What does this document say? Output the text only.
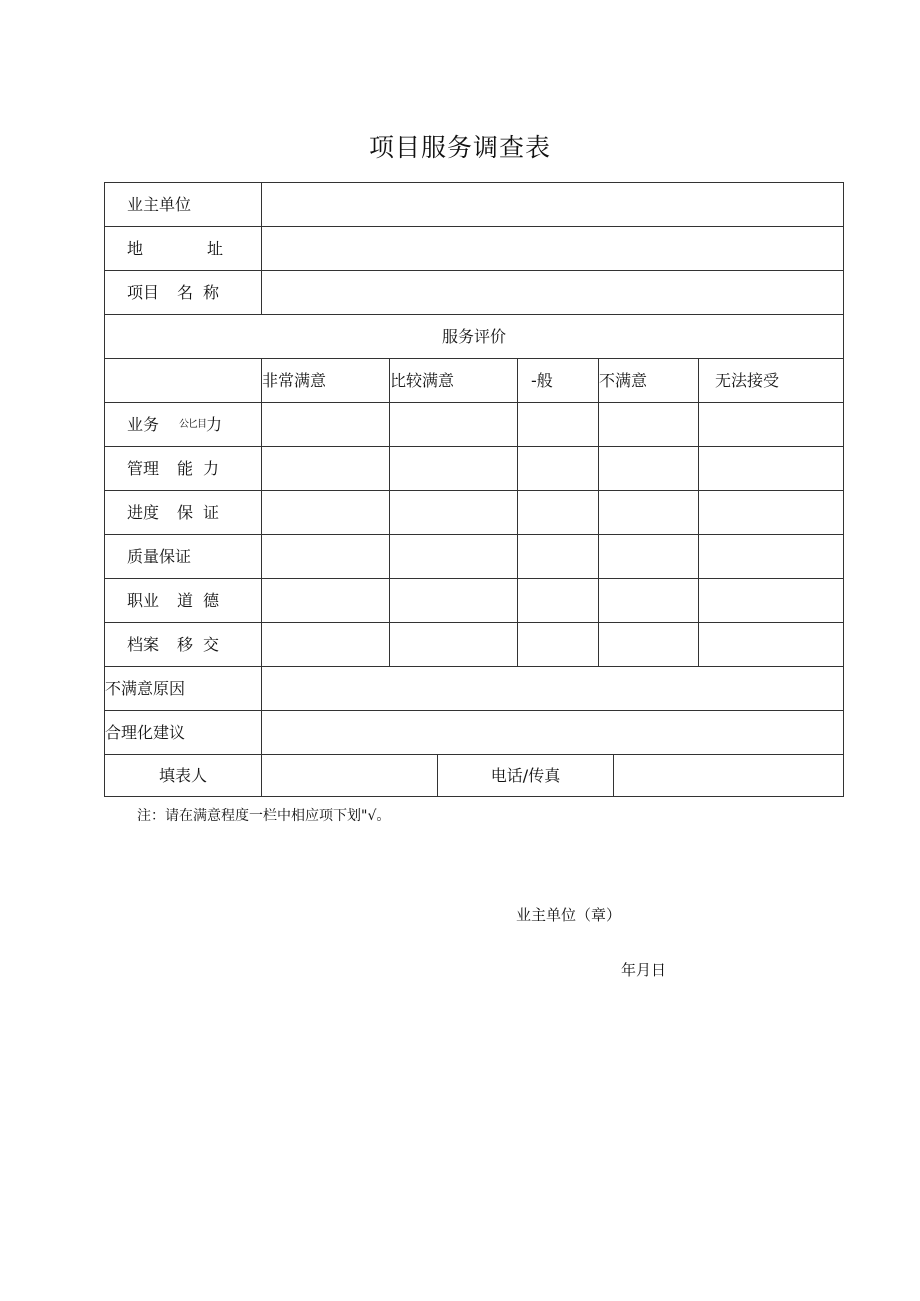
项目服务调查表
业主单位
地	址
项目 名 称
服务评价
非常满意	比较满意	-般	不满意	无法接受
业务 公匕目 力
管理 能 力
进度 保 证
质量保证
职业 道 德
档案 移 交
不满意原因
合理化建议
填表人	电话/传真
注：请在满意程度一栏中相应项下划"√。
业主单位（章）
年月日
